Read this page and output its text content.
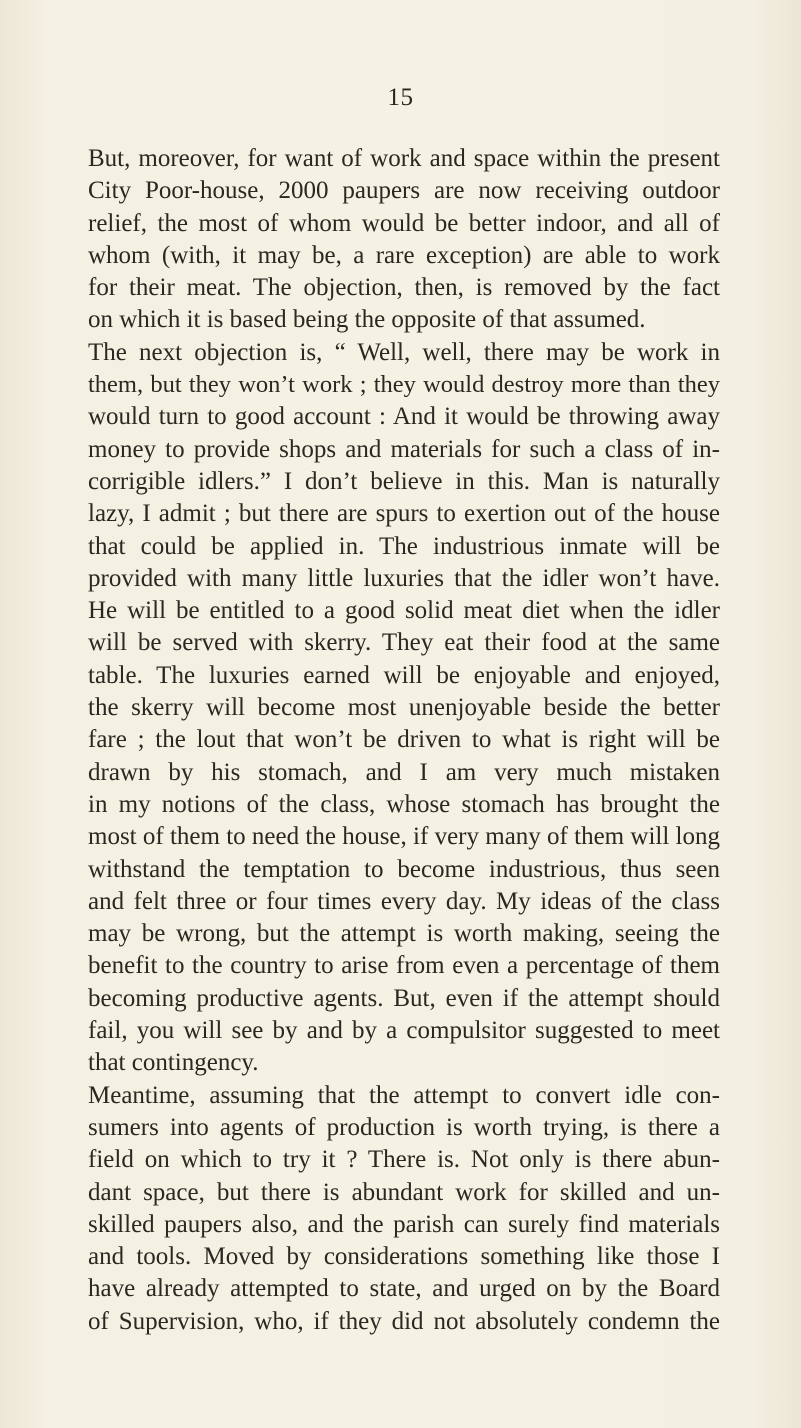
15
But, moreover, for want of work and space within the present
City Poor-house, 2000 paupers are now receiving outdoor
relief, the most of whom would be better indoor, and all of
whom (with, it may be, a rare exception) are able to work
for their meat. The objection, then, is removed by the fact
on which it is based being the opposite of that assumed.
The next objection is, “ Well, well, there may be work in
them, but they won’t work ; they would destroy more than they
would turn to good account : And it would be throwing away
money to provide shops and materials for such a class of in-
corrigible idlers.” I don’t believe in this. Man is naturally
lazy, I admit ; but there are spurs to exertion out of the house
that could be applied in. The industrious inmate will be
provided with many little luxuries that the idler won’t have.
He will be entitled to a good solid meat diet when the idler
will be served with skerry. They eat their food at the same
table. The luxuries earned will be enjoyable and enjoyed,
the skerry will become most unenjoyable beside the better
fare ; the lout that won’t be driven to what is right will be
drawn by his stomach, and I am very much mistaken
in my notions of the class, whose stomach has brought the
most of them to need the house, if very many of them will long
withstand the temptation to become industrious, thus seen
and felt three or four times every day. My ideas of the class
may be wrong, but the attempt is worth making, seeing the
benefit to the country to arise from even a percentage of them
becoming productive agents. But, even if the attempt should
fail, you will see by and by a compulsitor suggested to meet
that contingency.
Meantime, assuming that the attempt to convert idle con-
sumers into agents of production is worth trying, is there a
field on which to try it ? There is. Not only is there abun-
dant space, but there is abundant work for skilled and un-
skilled paupers also, and the parish can surely find materials
and tools. Moved by considerations something like those I
have already attempted to state, and urged on by the Board
of Supervision, who, if they did not absolutely condemn the
